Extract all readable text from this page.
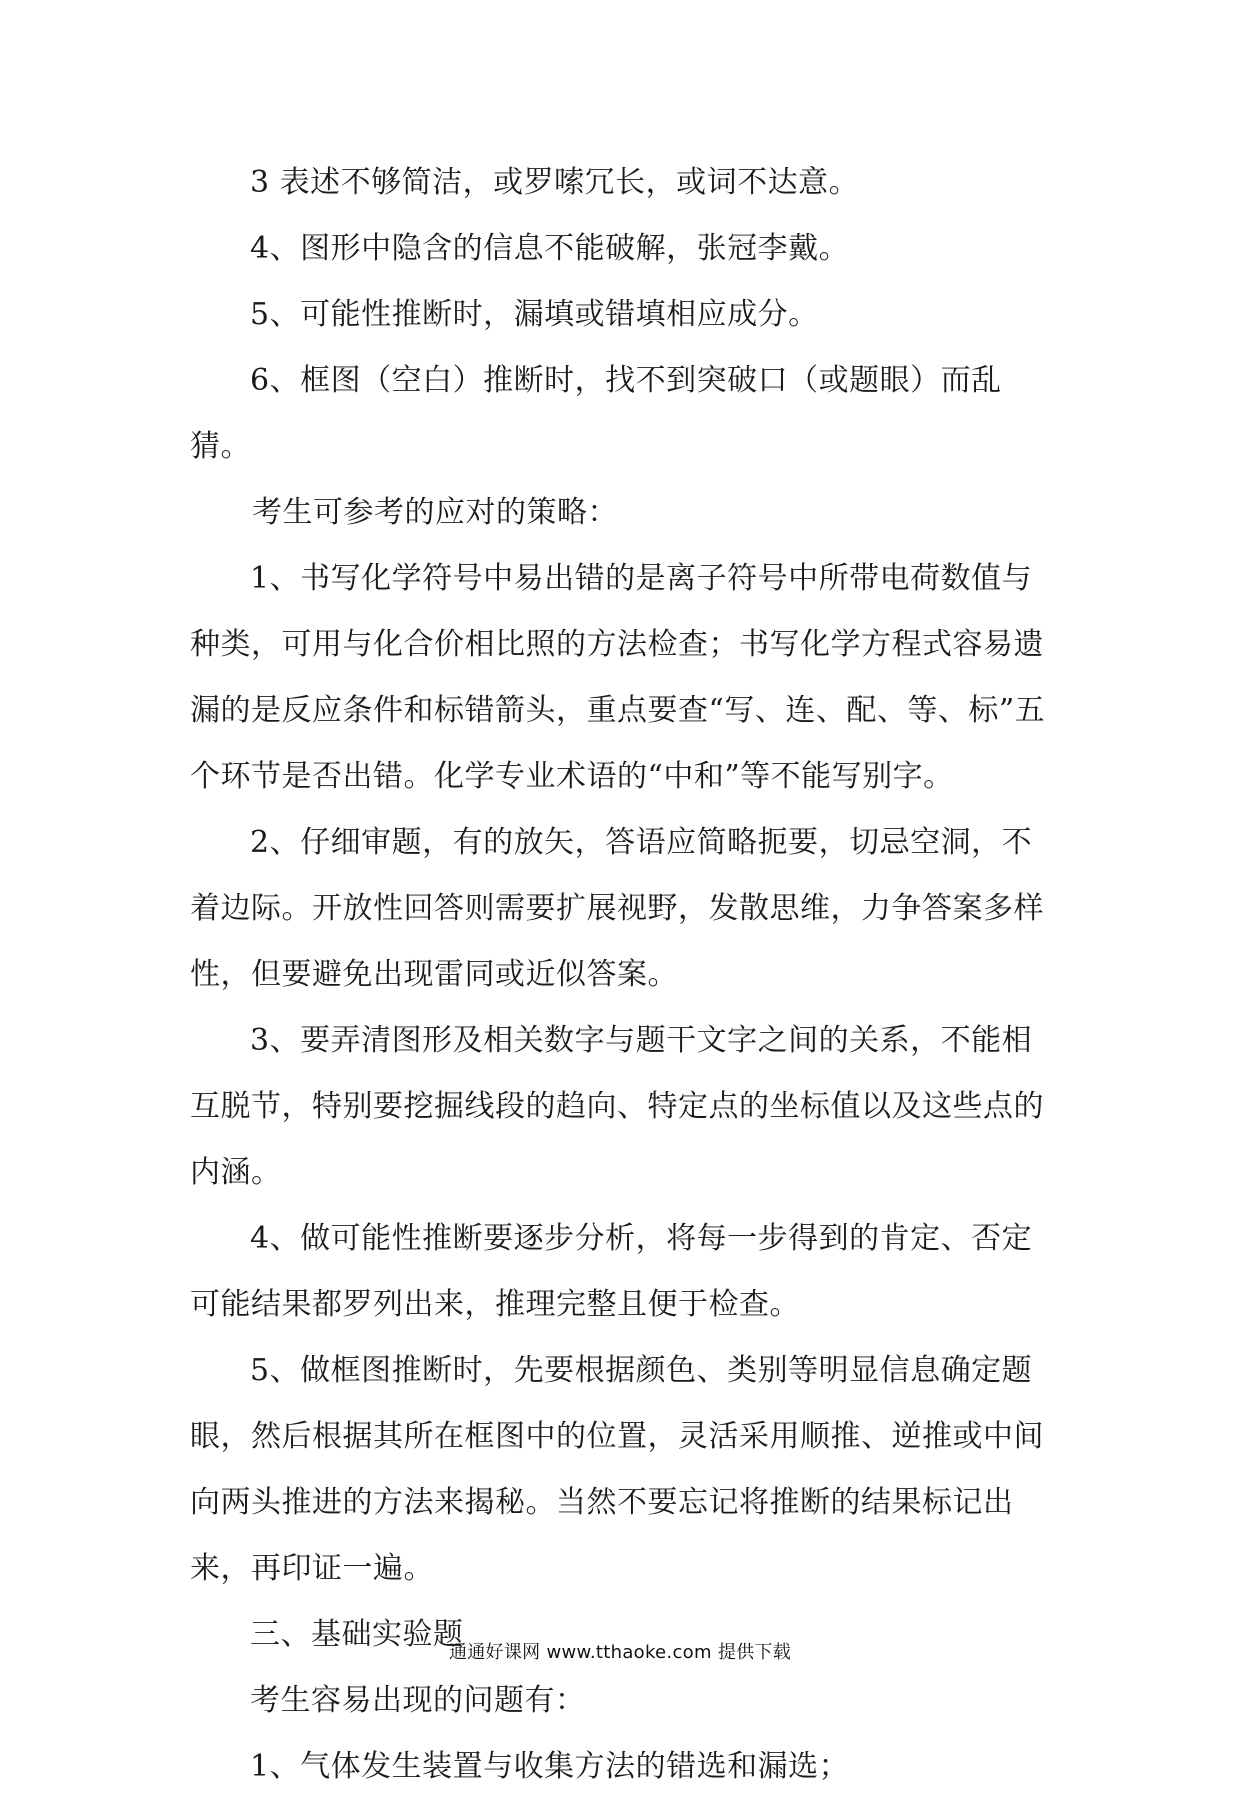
3 表述不够简洁，或罗嗦冗长，或词不达意。

4、图形中隐含的信息不能破解，张冠李戴。

5、可能性推断时，漏填或错填相应成分。

6、框图（空白）推断时，找不到突破口（或题眼）而乱猜。

考生可参考的应对的策略：

1、书写化学符号中易出错的是离子符号中所带电荷数值与种类，可用与化合价相比照的方法检查；书写化学方程式容易遗漏的是反应条件和标错箭头，重点要查“写、连、配、等、标”五个环节是否出错。化学专业术语的“中和”等不能写别字。

2、仔细审题，有的放矢，答语应简略扼要，切忌空洞，不着边际。开放性回答则需要扩展视野，发散思维，力争答案多样性，但要避免出现雷同或近似答案。

3、要弄清图形及相关数字与题干文字之间的关系，不能相互脱节，特别要挖掘线段的趋向、特定点的坐标值以及这些点的内涵。

4、做可能性推断要逐步分析，将每一步得到的肯定、否定可能结果都罗列出来，推理完整且便于检查。

5、做框图推断时，先要根据颜色、类别等明显信息确定题眼，然后根据其所在框图中的位置，灵活采用顺推、逆推或中间向两头推进的方法来揭秘。当然不要忘记将推断的结果标记出来，再印证一遍。

三、基础实验题

考生容易出现的问题有：

1、气体发生装置与收集方法的错选和漏选；

通通好课网 www.tthaoke.com 提供下载
